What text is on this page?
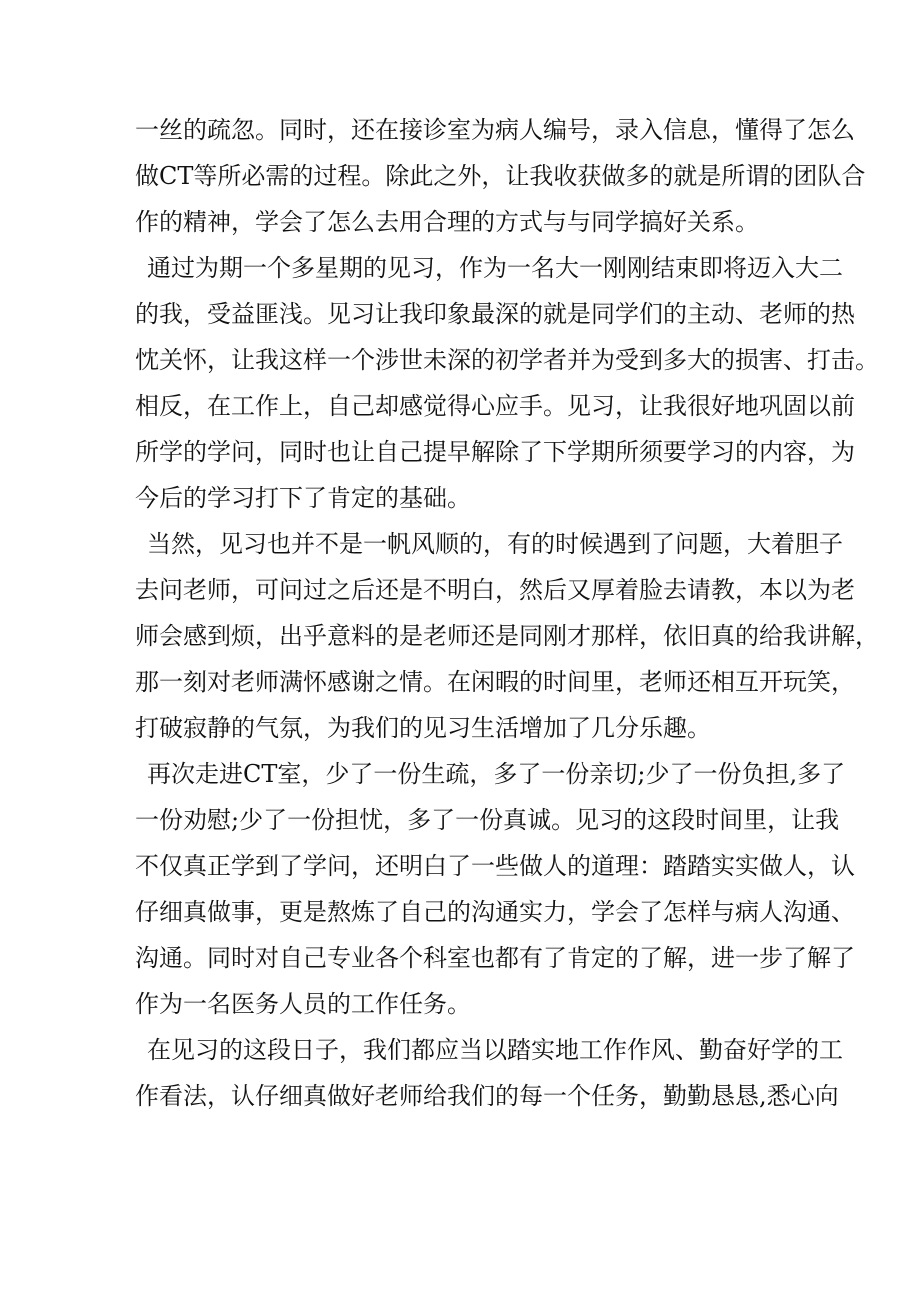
一丝的疏忽。同时，还在接诊室为病人编号，录入信息，懂得了怎么
做CT等所必需的过程。除此之外，让我收获做多的就是所谓的团队合
作的精神，学会了怎么去用合理的方式与与同学搞好关系。
通过为期一个多星期的见习，作为一名大一刚刚结束即将迈入大二
的我，受益匪浅。见习让我印象最深的就是同学们的主动、老师的热
忱关怀，让我这样一个涉世未深的初学者并为受到多大的损害、打击。
相反，在工作上，自己却感觉得心应手。见习，让我很好地巩固以前
所学的学问，同时也让自己提早解除了下学期所须要学习的内容，为
今后的学习打下了肯定的基础。
当然，见习也并不是一帆风顺的，有的时候遇到了问题，大着胆子
去问老师，可问过之后还是不明白，然后又厚着脸去请教，本以为老
师会感到烦，出乎意料的是老师还是同刚才那样，依旧真的给我讲解，
那一刻对老师满怀感谢之情。在闲暇的时间里，老师还相互开玩笑，
打破寂静的气氛，为我们的见习生活增加了几分乐趣。
再次走进CT室，少了一份生疏，多了一份亲切;少了一份负担,多了
一份劝慰;少了一份担忧，多了一份真诚。见习的这段时间里，让我
不仅真正学到了学问，还明白了一些做人的道理：踏踏实实做人，认
仔细真做事，更是熬炼了自己的沟通实力，学会了怎样与病人沟通、
沟通。同时对自己专业各个科室也都有了肯定的了解，进一步了解了
作为一名医务人员的工作任务。
在见习的这段日子，我们都应当以踏实地工作作风、勤奋好学的工
作看法，认仔细真做好老师给我们的每一个任务，勤勤恳恳,悉心向
